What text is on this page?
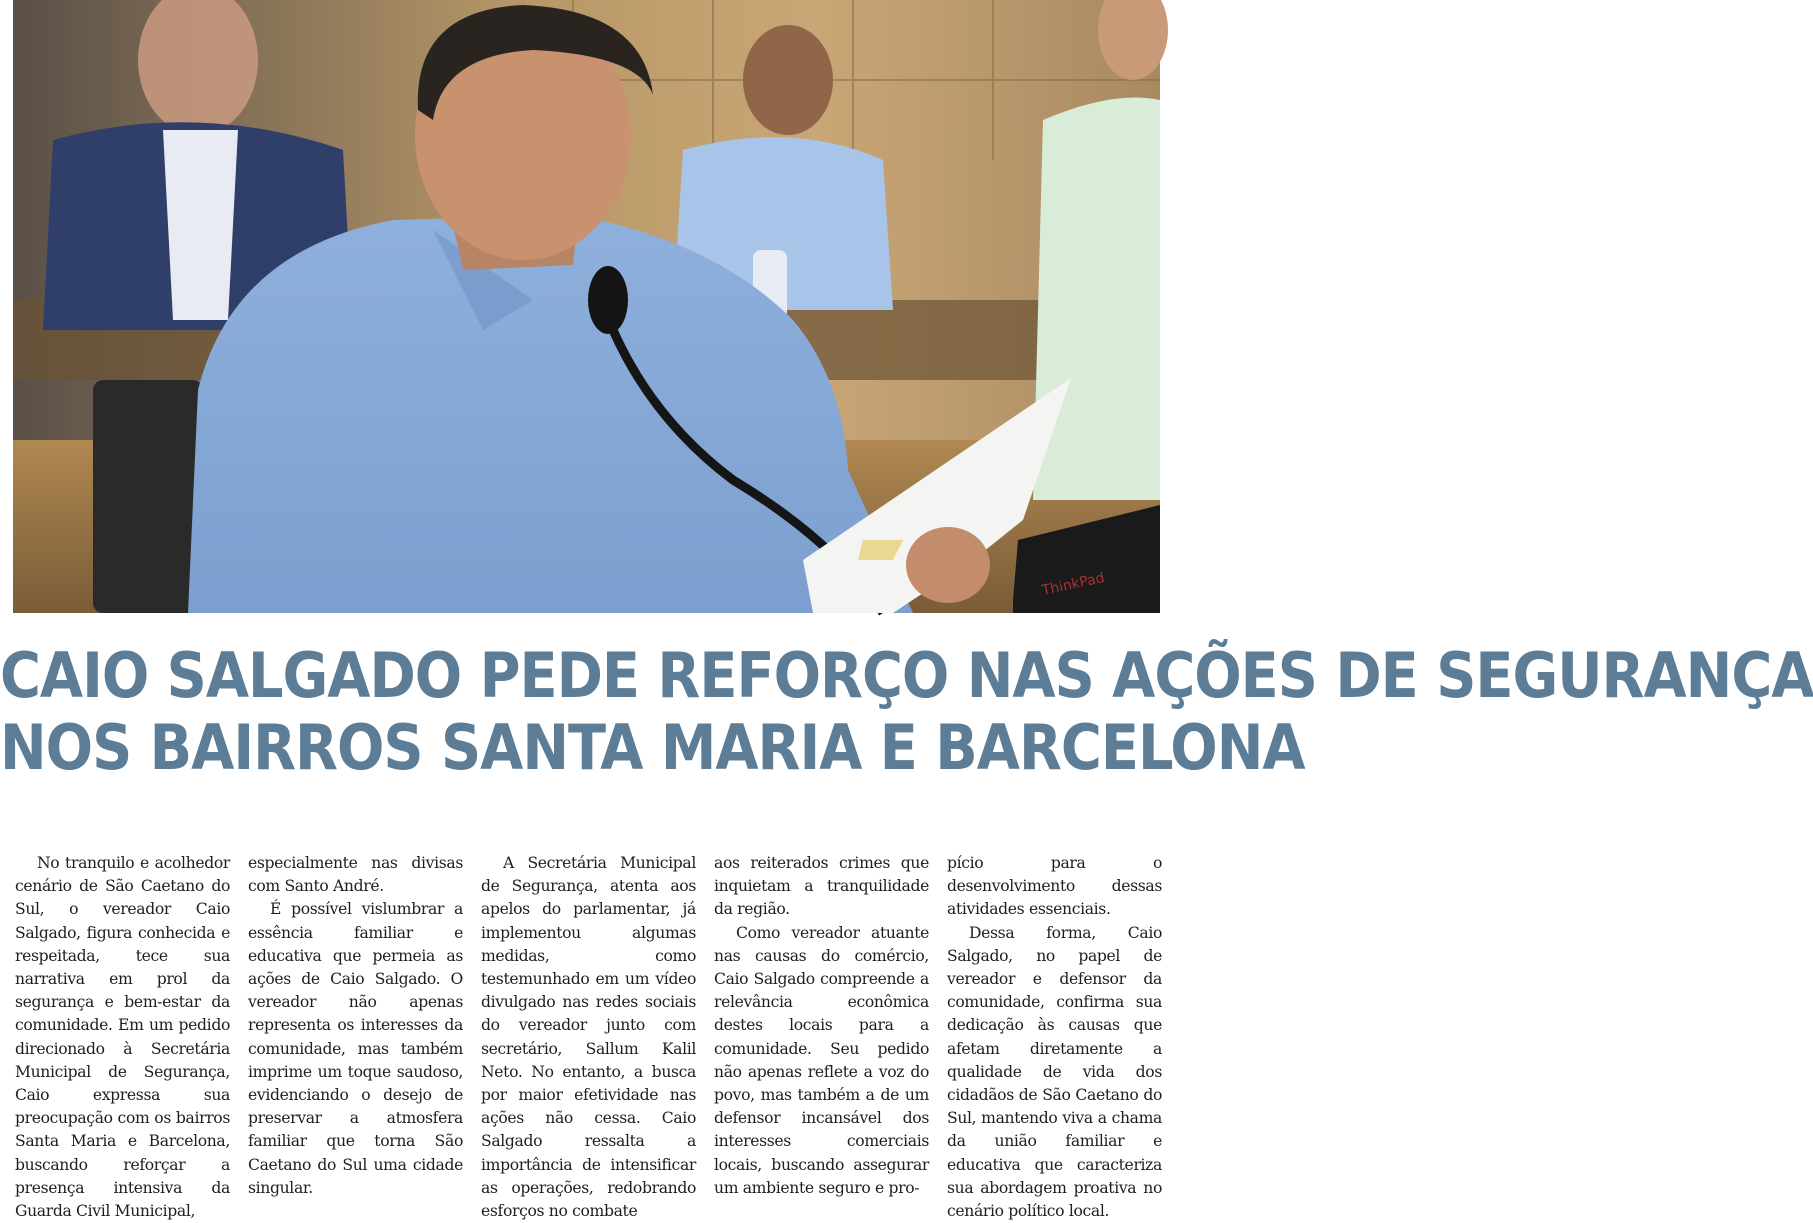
ThinkPad
CAIO SALGADO PEDE REFORÇO NAS AÇÕES DE SEGURANÇA
NOS BAIRROS SANTA MARIA E BARCELONA

No tranquilo e acolhedor cenário de São Caetano do Sul, o vereador Caio Salgado, figura conhecida e respeitada, tece sua narrativa em prol da segurança e bem-estar da comunidade. Em um pedido direcionado à Secretária Municipal de Segurança, Caio expressa sua preocupação com os bairros Santa Maria e Barcelona, buscando reforçar a presença intensiva da Guarda Civil Municipal,

especialmente nas divisas com Santo André.

É possível vislumbrar a essência familiar e educativa que permeia as ações de Caio Salgado. O vereador não apenas representa os interesses da comunidade, mas também imprime um toque saudoso, evidenciando o desejo de preservar a atmosfera familiar que torna São Caetano do Sul uma cidade singular.

A Secretária Municipal de Segurança, atenta aos apelos do parlamentar, já implementou algumas medidas, como testemunhado em um vídeo divulgado nas redes sociais do vereador junto com secretário, Sallum Kalil Neto. No entanto, a busca por maior efetividade nas ações não cessa. Caio Salgado ressalta a importância de intensificar as operações, redobrando esforços no combate

aos reiterados crimes que inquietam a tranquilidade da região.

Como vereador atuante nas causas do comércio, Caio Salgado compreende a relevância econômica destes locais para a comunidade. Seu pedido não apenas reflete a voz do povo, mas também a de um defensor incansável dos interesses comerciais locais, buscando assegurar um ambiente seguro e pro-

pício para o desenvolvimento dessas atividades essenciais.

Dessa forma, Caio Salgado, no papel de vereador e defensor da comunidade, confirma sua dedicação às causas que afetam diretamente a qualidade de vida dos cidadãos de São Caetano do Sul, mantendo viva a chama da união familiar e educativa que caracteriza sua abordagem proativa no cenário político local.
